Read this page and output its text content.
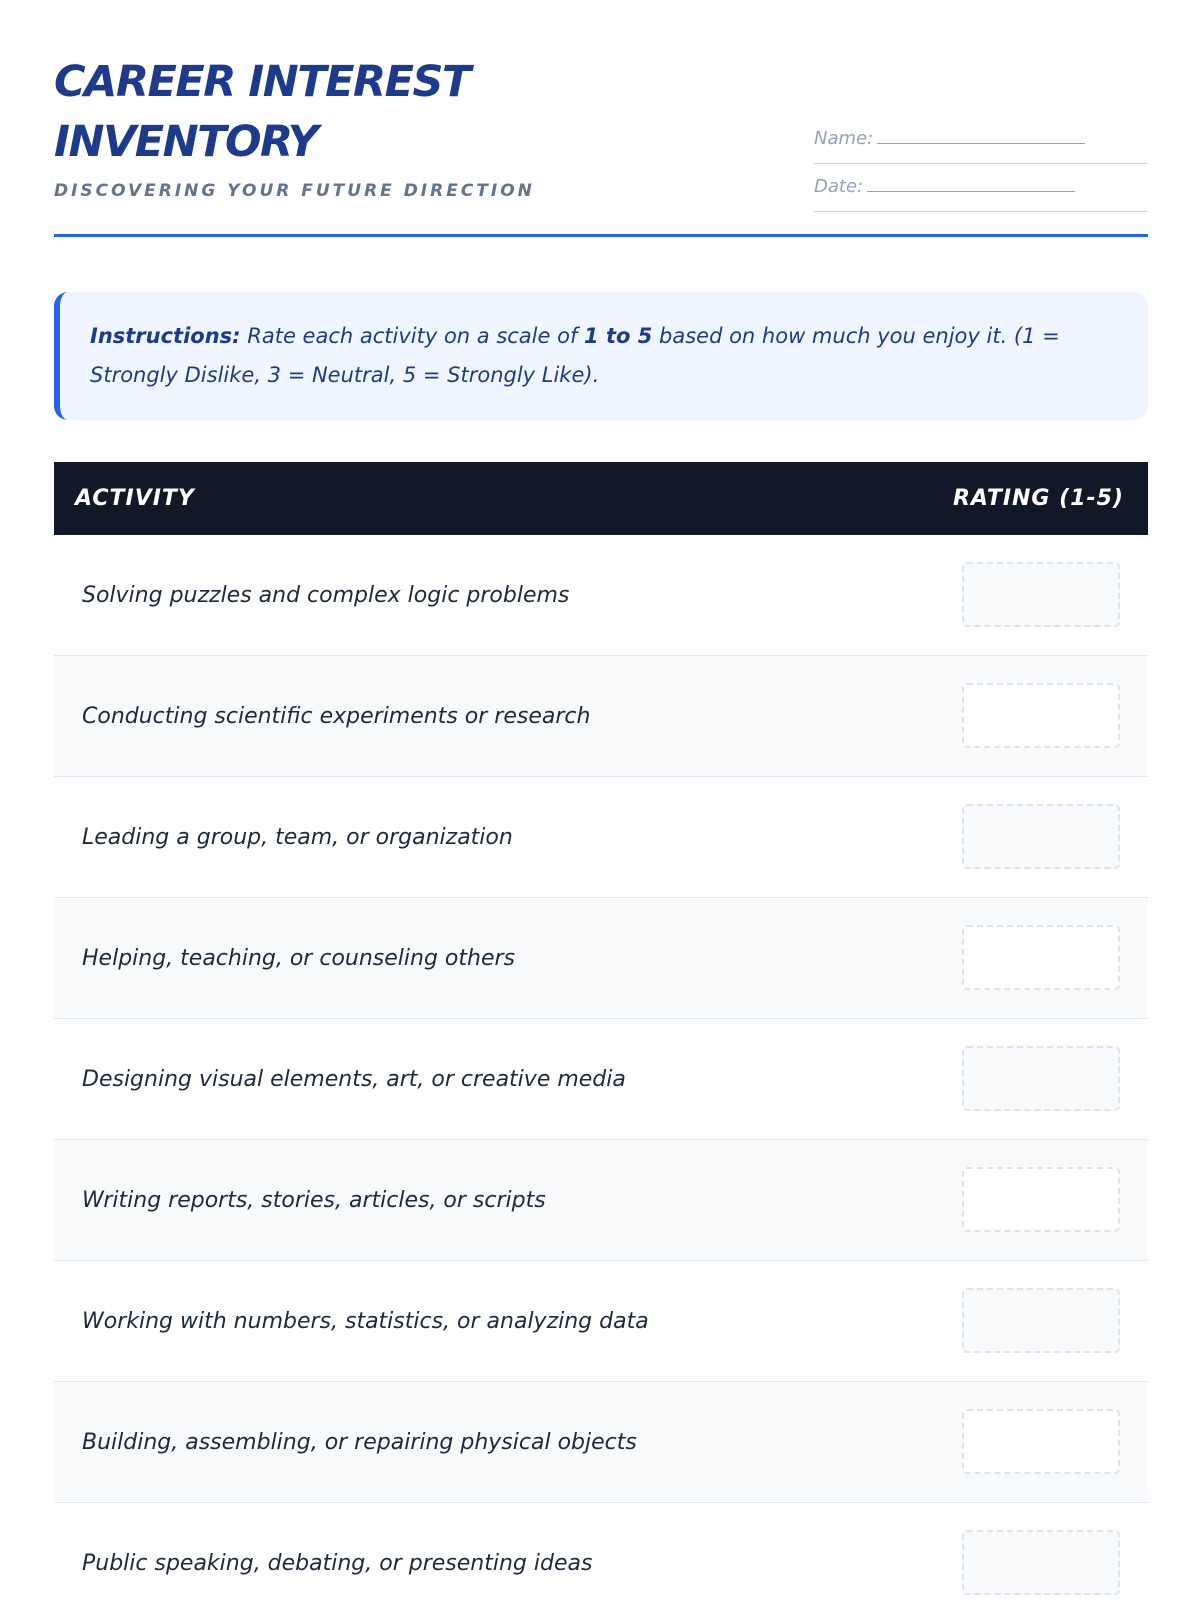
CAREER INTEREST
INVENTORY
DISCOVERING YOUR FUTURE DIRECTION
Name:
Date:
Instructions: Rate each activity on a scale of 1 to 5 based on how much you enjoy it. (1 = Strongly Dislike, 3 = Neutral, 5 = Strongly Like).
ACTIVITY	RATING (1-5)
Solving puzzles and complex logic problems
Conducting scientific experiments or research
Leading a group, team, or organization
Helping, teaching, or counseling others
Designing visual elements, art, or creative media
Writing reports, stories, articles, or scripts
Working with numbers, statistics, or analyzing data
Building, assembling, or repairing physical objects
Public speaking, debating, or presenting ideas
